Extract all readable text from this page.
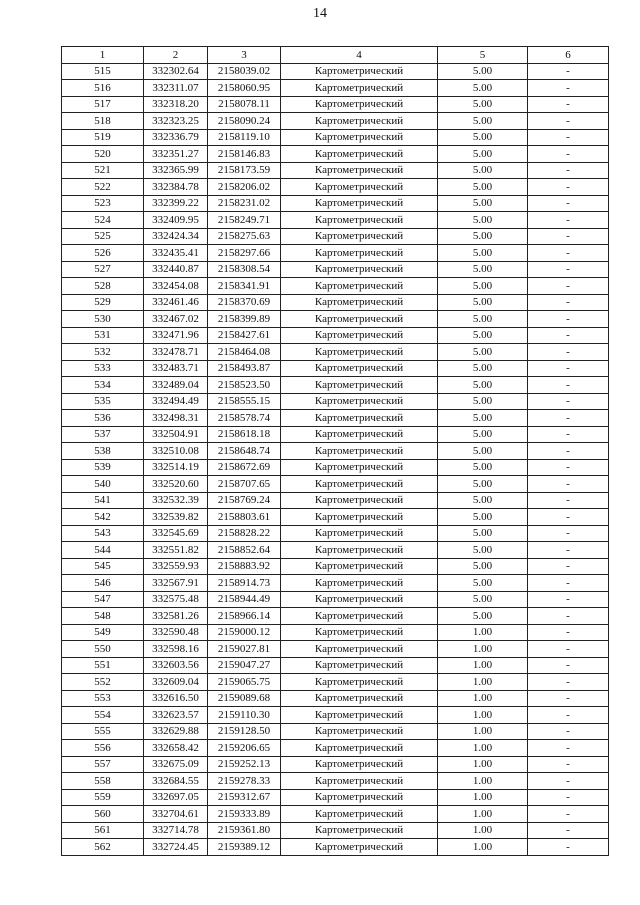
14
1	2	3	4	5	6
515	332302.64	2158039.02	Картометрический	5.00	-
516	332311.07	2158060.95	Картометрический	5.00	-
517	332318.20	2158078.11	Картометрический	5.00	-
518	332323.25	2158090.24	Картометрический	5.00	-
519	332336.79	2158119.10	Картометрический	5.00	-
520	332351.27	2158146.83	Картометрический	5.00	-
521	332365.99	2158173.59	Картометрический	5.00	-
522	332384.78	2158206.02	Картометрический	5.00	-
523	332399.22	2158231.02	Картометрический	5.00	-
524	332409.95	2158249.71	Картометрический	5.00	-
525	332424.34	2158275.63	Картометрический	5.00	-
526	332435.41	2158297.66	Картометрический	5.00	-
527	332440.87	2158308.54	Картометрический	5.00	-
528	332454.08	2158341.91	Картометрический	5.00	-
529	332461.46	2158370.69	Картометрический	5.00	-
530	332467.02	2158399.89	Картометрический	5.00	-
531	332471.96	2158427.61	Картометрический	5.00	-
532	332478.71	2158464.08	Картометрический	5.00	-
533	332483.71	2158493.87	Картометрический	5.00	-
534	332489.04	2158523.50	Картометрический	5.00	-
535	332494.49	2158555.15	Картометрический	5.00	-
536	332498.31	2158578.74	Картометрический	5.00	-
537	332504.91	2158618.18	Картометрический	5.00	-
538	332510.08	2158648.74	Картометрический	5.00	-
539	332514.19	2158672.69	Картометрический	5.00	-
540	332520.60	2158707.65	Картометрический	5.00	-
541	332532.39	2158769.24	Картометрический	5.00	-
542	332539.82	2158803.61	Картометрический	5.00	-
543	332545.69	2158828.22	Картометрический	5.00	-
544	332551.82	2158852.64	Картометрический	5.00	-
545	332559.93	2158883.92	Картометрический	5.00	-
546	332567.91	2158914.73	Картометрический	5.00	-
547	332575.48	2158944.49	Картометрический	5.00	-
548	332581.26	2158966.14	Картометрический	5.00	-
549	332590.48	2159000.12	Картометрический	1.00	-
550	332598.16	2159027.81	Картометрический	1.00	-
551	332603.56	2159047.27	Картометрический	1.00	-
552	332609.04	2159065.75	Картометрический	1.00	-
553	332616.50	2159089.68	Картометрический	1.00	-
554	332623.57	2159110.30	Картометрический	1.00	-
555	332629.88	2159128.50	Картометрический	1.00	-
556	332658.42	2159206.65	Картометрический	1.00	-
557	332675.09	2159252.13	Картометрический	1.00	-
558	332684.55	2159278.33	Картометрический	1.00	-
559	332697.05	2159312.67	Картометрический	1.00	-
560	332704.61	2159333.89	Картометрический	1.00	-
561	332714.78	2159361.80	Картометрический	1.00	-
562	332724.45	2159389.12	Картометрический	1.00	-
